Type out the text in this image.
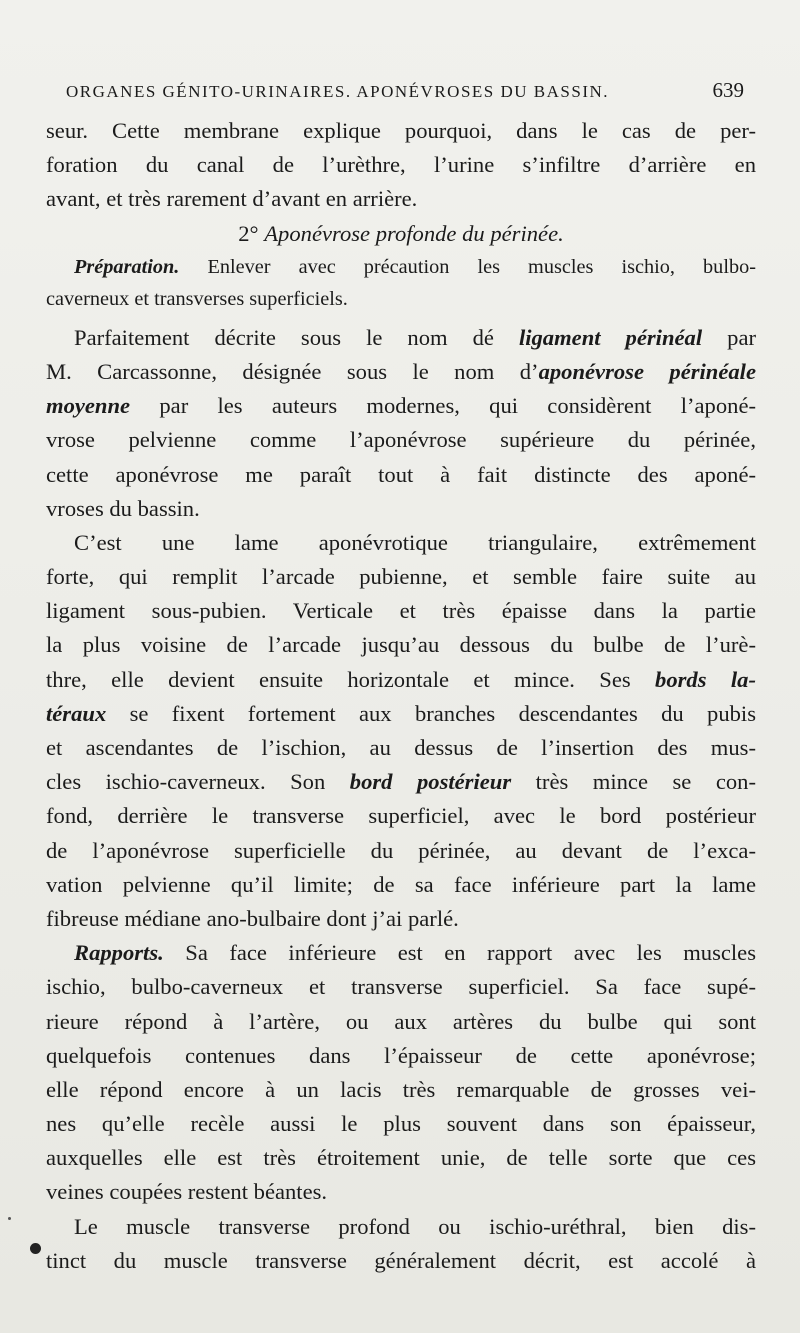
ORGANES GÉNITO-URINAIRES. APONÉVROSES DU BASSIN.	639
seur. Cette membrane explique pourquoi, dans le cas de per-
foration du canal de l’urèthre, l’urine s’infiltre d’arrière en
avant, et très rarement d’avant en arrière.
2° Aponévrose profonde du périnée.
Préparation. Enlever avec précaution les muscles ischio, bulbo-
caverneux et transverses superficiels.
Parfaitement décrite sous le nom dé ligament périnéal par
M. Carcassonne, désignée sous le nom d’aponévrose périnéale
moyenne par les auteurs modernes, qui considèrent l’aponé-
vrose pelvienne comme l’aponévrose supérieure du périnée,
cette aponévrose me paraît tout à fait distincte des aponé-
vroses du bassin.
C’est une lame aponévrotique triangulaire, extrêmement
forte, qui remplit l’arcade pubienne, et semble faire suite au
ligament sous-pubien. Verticale et très épaisse dans la partie
la plus voisine de l’arcade jusqu’au dessous du bulbe de l’urè-
thre, elle devient ensuite horizontale et mince. Ses bords la-
téraux se fixent fortement aux branches descendantes du pubis
et ascendantes de l’ischion, au dessus de l’insertion des mus-
cles ischio-caverneux. Son bord postérieur très mince se con-
fond, derrière le transverse superficiel, avec le bord postérieur
de l’aponévrose superficielle du périnée, au devant de l’exca-
vation pelvienne qu’il limite; de sa face inférieure part la lame
fibreuse médiane ano-bulbaire dont j’ai parlé.
Rapports. Sa face inférieure est en rapport avec les muscles
ischio, bulbo-caverneux et transverse superficiel. Sa face supé-
rieure répond à l’artère, ou aux artères du bulbe qui sont
quelquefois contenues dans l’épaisseur de cette aponévrose;
elle répond encore à un lacis très remarquable de grosses vei-
nes qu’elle recèle aussi le plus souvent dans son épaisseur,
auxquelles elle est très étroitement unie, de telle sorte que ces
veines coupées restent béantes.
Le muscle transverse profond ou ischio-uréthral, bien dis-
tinct du muscle transverse généralement décrit, est accolé à
